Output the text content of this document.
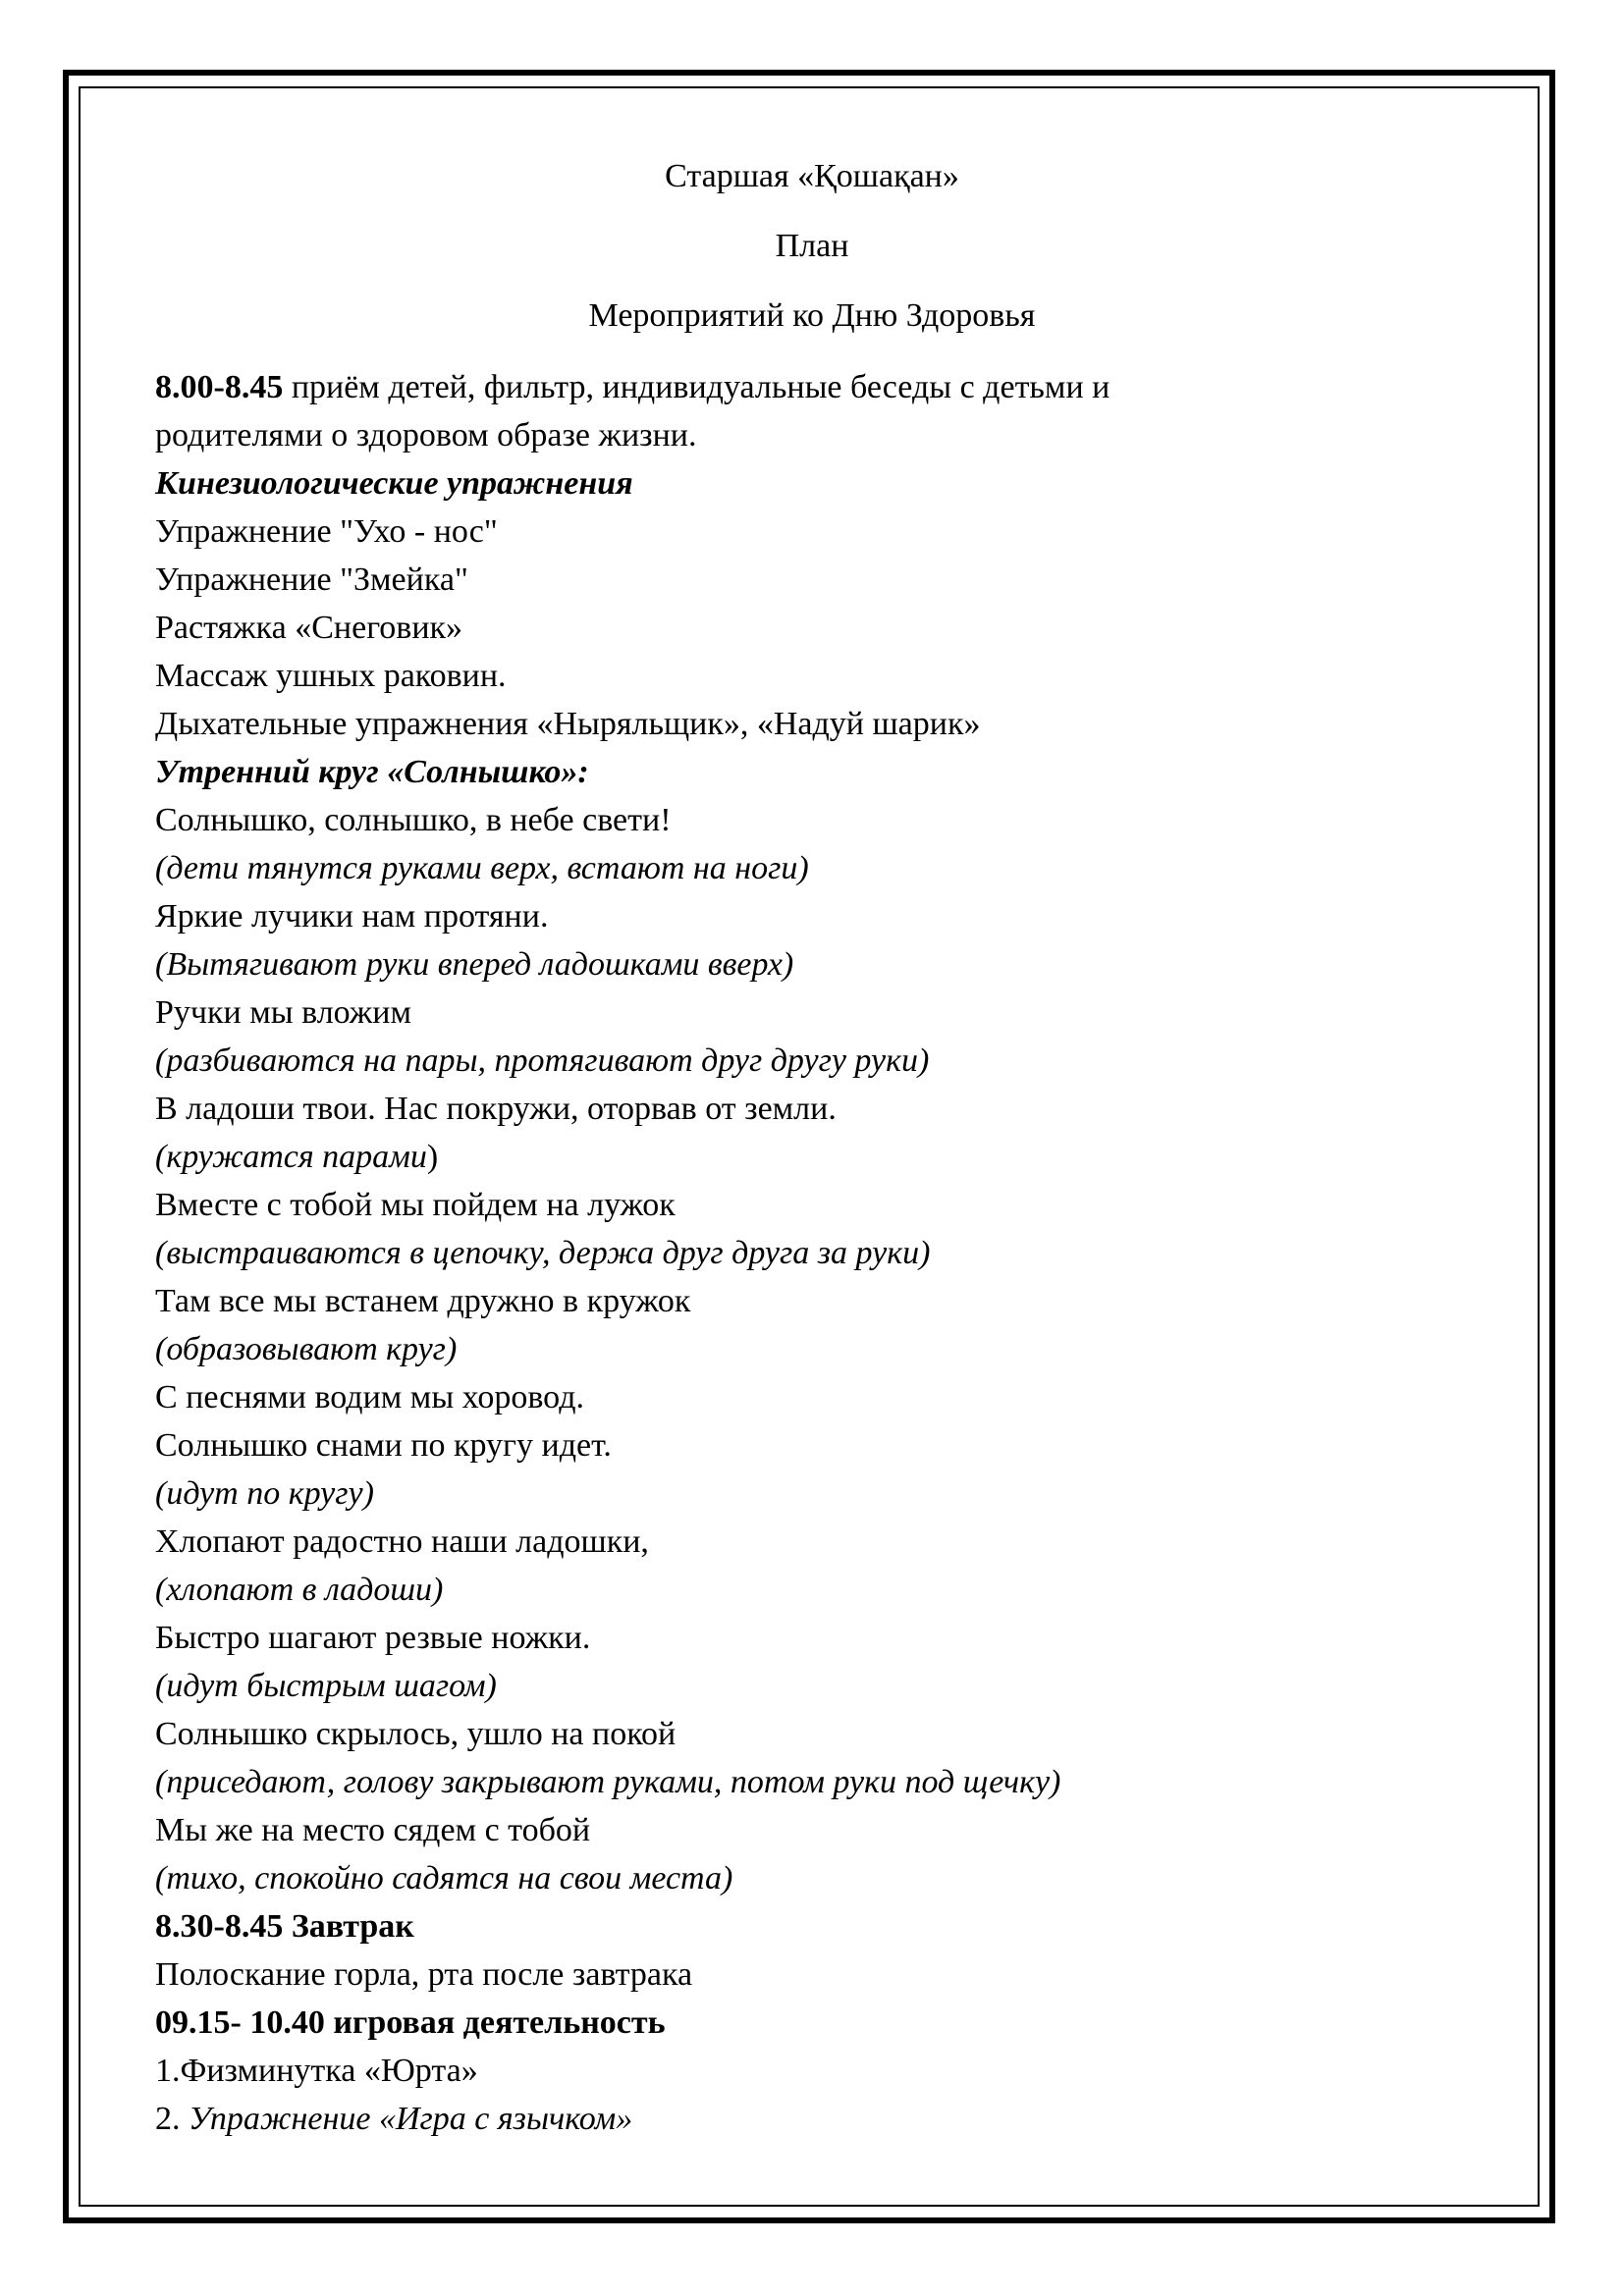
Старшая «Қошақан»
План
Мероприятий ко Дню Здоровья
8.00-8.45 приём детей, фильтр, индивидуальные беседы с детьми и
родителями о здоровом образе жизни.
Кинезиологические упражнения
Упражнение "Ухо - нос"
Упражнение "Змейка"
Растяжка «Снеговик»
Массаж ушных раковин.
Дыхательные упражнения «Ныряльщик», «Надуй шарик»
Утренний круг «Солнышко»:
Солнышко, солнышко, в небе свети!
(дети тянутся руками верх, встают на ноги)
Яркие лучики нам протяни.
(Вытягивают руки вперед ладошками вверх)
Ручки мы вложим
(разбиваются на пары, протягивают друг другу руки)
В ладоши твои. Нас покружи, оторвав от земли.
(кружатся парами)
Вместе с тобой мы пойдем на лужок
(выстраиваются в цепочку, держа друг друга за руки)
Там все мы встанем дружно в кружок
(образовывают круг)
С песнями водим мы хоровод.
Солнышко снами по кругу идет.
(идут по кругу)
Хлопают радостно наши ладошки,
(хлопают в ладоши)
Быстро шагают резвые ножки.
(идут быстрым шагом)
Солнышко скрылось, ушло на покой
(приседают, голову закрывают руками, потом руки под щечку)
Мы же на место сядем с тобой
(тихо, спокойно садятся на свои места)
8.30-8.45 Завтрак
Полоскание горла, рта после завтрака
09.15- 10.40 игровая деятельность
1.Физминутка «Юрта»
2. Упражнение «Игра с язычком»
